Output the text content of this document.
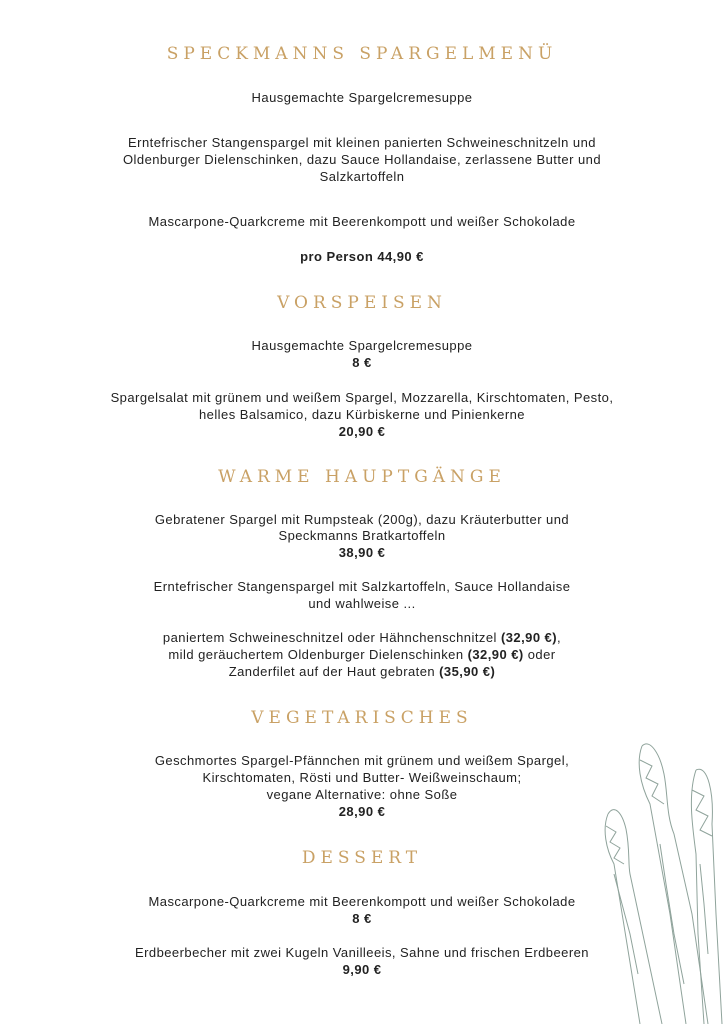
SPECKMANNS SPARGELMENÜ
Hausgemachte Spargelcremesuppe
Erntefrischer Stangenspargel mit kleinen panierten Schweineschnitzeln und
Oldenburger Dielenschinken, dazu Sauce Hollandaise, zerlassene Butter und
Salzkartoffeln
Mascarpone-Quarkcreme mit Beerenkompott und weißer Schokolade
pro Person 44,90 €
VORSPEISEN
Hausgemachte Spargelcremesuppe
8 €
Spargelsalat mit grünem und weißem Spargel, Mozzarella, Kirschtomaten, Pesto,
helles Balsamico, dazu Kürbiskerne und Pinienkerne
20,90 €
WARME HAUPTGÄNGE
Gebratener Spargel mit Rumpsteak (200g), dazu Kräuterbutter und
Speckmanns Bratkartoffeln
38,90 €
Erntefrischer Stangenspargel mit Salzkartoffeln, Sauce Hollandaise
und wahlweise ...
paniertem Schweineschnitzel oder Hähnchenschnitzel (32,90 €),
mild geräuchertem Oldenburger Dielenschinken (32,90 €) oder
Zanderfilet auf der Haut gebraten (35,90 €)
VEGETARISCHES
Geschmortes Spargel-Pfännchen mit grünem und weißem Spargel,
Kirschtomaten, Rösti und Butter- Weißweinschaum;
vegane Alternative: ohne Soße
28,90 €
DESSERT
Mascarpone-Quarkcreme mit Beerenkompott und weißer Schokolade
8 €
Erdbeerbecher mit zwei Kugeln Vanilleeis, Sahne und frischen Erdbeeren
9,90 €
